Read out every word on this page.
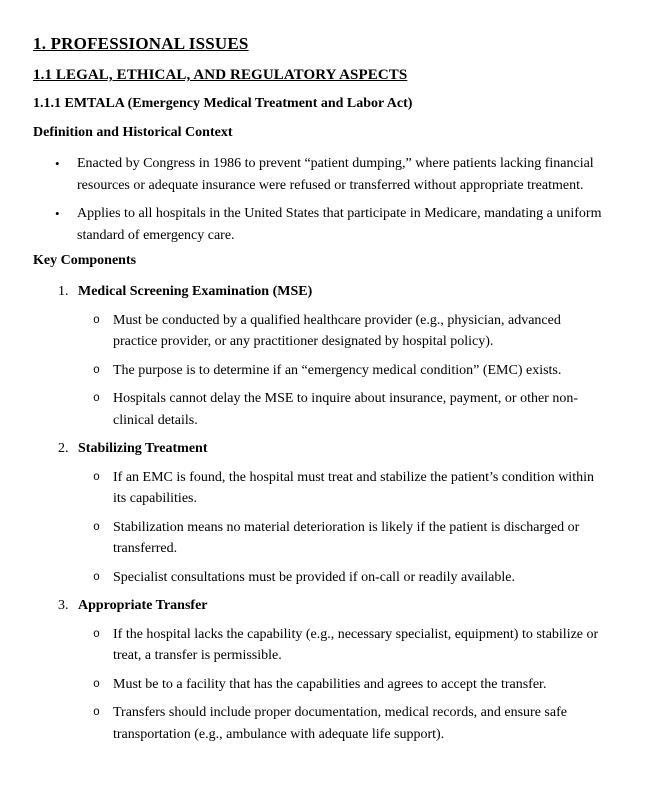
1. PROFESSIONAL ISSUES
1.1 LEGAL, ETHICAL, AND REGULATORY ASPECTS
1.1.1 EMTALA (Emergency Medical Treatment and Labor Act)
Definition and Historical Context
•	Enacted by Congress in 1986 to prevent “patient dumping,” where patients lacking financial resources or adequate insurance were refused or transferred without appropriate treatment.

•	Applies to all hospitals in the United States that participate in Medicare, mandating a uniform standard of emergency care.

Key Components
1. Medical Screening Examination (MSE)

o Must be conducted by a qualified healthcare provider (e.g., physician, advanced practice provider, or any practitioner designated by hospital policy).

o The purpose is to determine if an “emergency medical condition” (EMC) exists.

o Hospitals cannot delay the MSE to inquire about insurance, payment, or other non-clinical details.

2. Stabilizing Treatment

o If an EMC is found, the hospital must treat and stabilize the patient’s condition within its capabilities.

o Stabilization means no material deterioration is likely if the patient is discharged or transferred.

o Specialist consultations must be provided if on-call or readily available.

3. Appropriate Transfer

o If the hospital lacks the capability (e.g., necessary specialist, equipment) to stabilize or treat, a transfer is permissible.

o Must be to a facility that has the capabilities and agrees to accept the transfer.

o Transfers should include proper documentation, medical records, and ensure safe transportation (e.g., ambulance with adequate life support).
